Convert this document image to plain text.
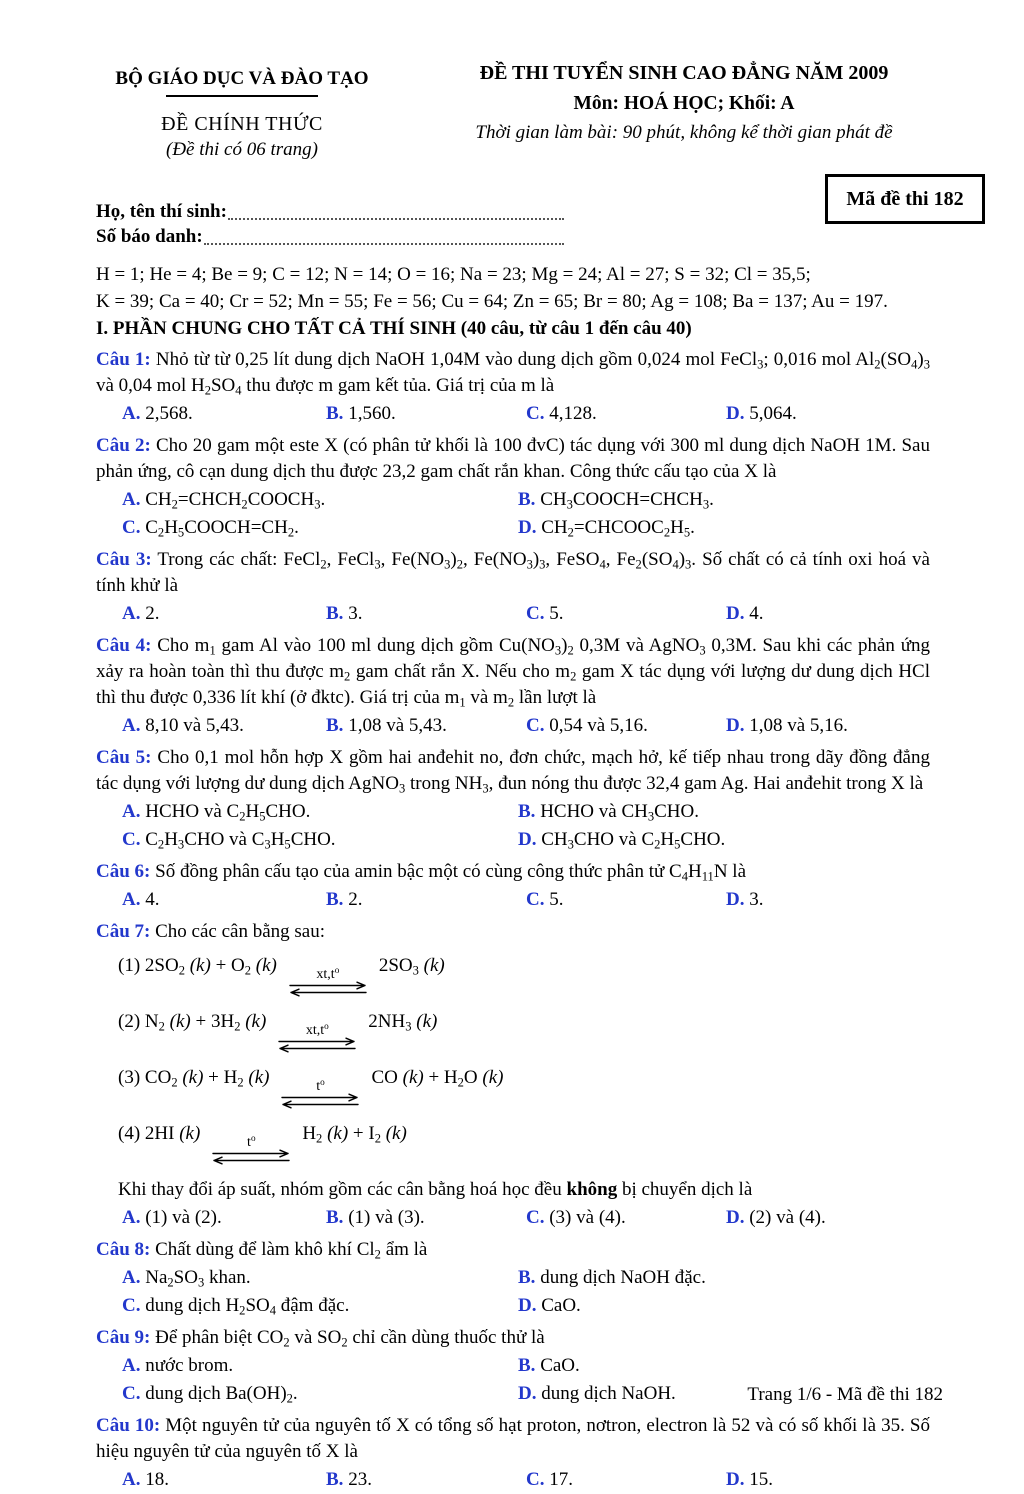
BỘ GIÁO DỤC VÀ ĐÀO TẠO
ĐỀ CHÍNH THỨC
(Đề thi có 06 trang)
ĐỀ THI TUYỂN SINH CAO ĐẲNG NĂM 2009
Môn: HOÁ HỌC; Khối: A
Thời gian làm bài: 90 phút, không kể thời gian phát đề
Mã đề thi 182
Họ, tên thí sinh:
Số báo danh:

H = 1; He = 4; Be = 9; C = 12; N = 14; O = 16; Na = 23; Mg = 24; Al = 27; S = 32; Cl = 35,5;

K = 39; Ca = 40; Cr = 52; Mn = 55; Fe = 56; Cu = 64; Zn = 65; Br = 80; Ag = 108; Ba = 137; Au = 197.

I. PHẦN CHUNG CHO TẤT CẢ THÍ SINH (40 câu, từ câu 1 đến câu 40)

Câu 1: Nhỏ từ từ 0,25 lít dung dịch NaOH 1,04M vào dung dịch gồm 0,024 mol FeCl$_3$; 0,016 mol $Al_2(SO_4)_3$ và 0,04 mol $H_2SO_4$ thu được m gam kết tủa. Giá trị của m là

A. 2,568.	B. 1,560.	C. 4,128.	D. 5,064.

Câu 2: Cho 20 gam một este X (có phân tử khối là 100 đvC) tác dụng với 300 ml dung dịch NaOH 1M. Sau phản ứng, cô cạn dung dịch thu được 23,2 gam chất rắn khan. Công thức cấu tạo của X là

A. $CH_2=CHCH_2COOCH_3$.	B. $CH_3COOCH=CHCH_3$.
C. $C_2H_5COOCH=CH_2$.	D. $CH_2=CHCOOC_2H_5$.

Câu 3: Trong các chất: FeCl$_2$, FeCl$_3$, $Fe(NO_3)_2$, $Fe(NO_3)_3$, FeSO$_4$, $Fe_2(SO_4)_3$. Số chất có cả tính oxi hoá và tính khử là

A. 2.	B. 3.	C. 5.	D. 4.

Câu 4: Cho $m_1$ gam Al vào 100 ml dung dịch gồm $Cu(NO_3)_2$ 0,3M và AgNO$_3$ 0,3M. Sau khi các phản ứng xảy ra hoàn toàn thì thu được $m_2$ gam chất rắn X. Nếu cho $m_2$ gam X tác dụng với lượng dư dung dịch HCl thì thu được 0,336 lít khí (ở đktc). Giá trị của $m_1$ và $m_2$ lần lượt là

A. 8,10 và 5,43.	B. 1,08 và 5,43.	C. 0,54 và 5,16.	D. 1,08 và 5,16.

Câu 5: Cho 0,1 mol hỗn hợp X gồm hai anđehit no, đơn chức, mạch hở, kế tiếp nhau trong dãy đồng đẳng tác dụng với lượng dư dung dịch AgNO$_3$ trong $NH_3$, đun nóng thu được 32,4 gam Ag. Hai anđehit trong X là

A. HCHO và $C_2H_5CHO$.	B. HCHO và $CH_3CHO$.
C. $C_2H_3CHO$ và $C_3H_5CHO$.	D. $CH_3CHO$ và $C_2H_5CHO$.

Câu 6: Số đồng phân cấu tạo của amin bậc một có cùng công thức phân tử $C_4H_{11}N$ là

A. 4.	B. 2.	C. 5.	D. 3.

Câu 7: Cho các cân bằng sau:

(1) $2SO_2$ $(k) + O_2$ (k)	$xt,t^o$ $2SO_3$ (k)
(2) $N_2$ $(k) + 3H_2$ (k)	$xt,t^o$ $2NH_3$ (k)
(3) $CO_2$ $(k) + H_2$ (k)	$t^o$ CO $(k) + H_2O$ (k)
(4) 2HI (k)	$t^o$ $H_2$ $(k) + I_2$ (k)

Khi thay đổi áp suất, nhóm gồm các cân bằng hoá học đều không bị chuyển dịch là

A. (1) và (2).	B. (1) và (3).	C. (3) và (4).	D. (2) và (4).

Câu 8: Chất dùng để làm khô khí $Cl_2$ ẩm là

A. $Na_2SO_3$ khan.	B. dung dịch NaOH đặc.
C. dung dịch $H_2SO_4$ đậm đặc.	D. CaO.

Câu 9: Để phân biệt $CO_2$ và $SO_2$ chỉ cần dùng thuốc thử là

A. nước brom.	B. CaO.
C. dung dịch $Ba(OH)_2$.	D. dung dịch NaOH.

Câu 10: Một nguyên tử của nguyên tố X có tổng số hạt proton, nơtron, electron là 52 và có số khối là 35. Số hiệu nguyên tử của nguyên tố X là

A. 18.	B. 23.	C. 17.	D. 15.
Trang 1/6 - Mã đề thi 182
